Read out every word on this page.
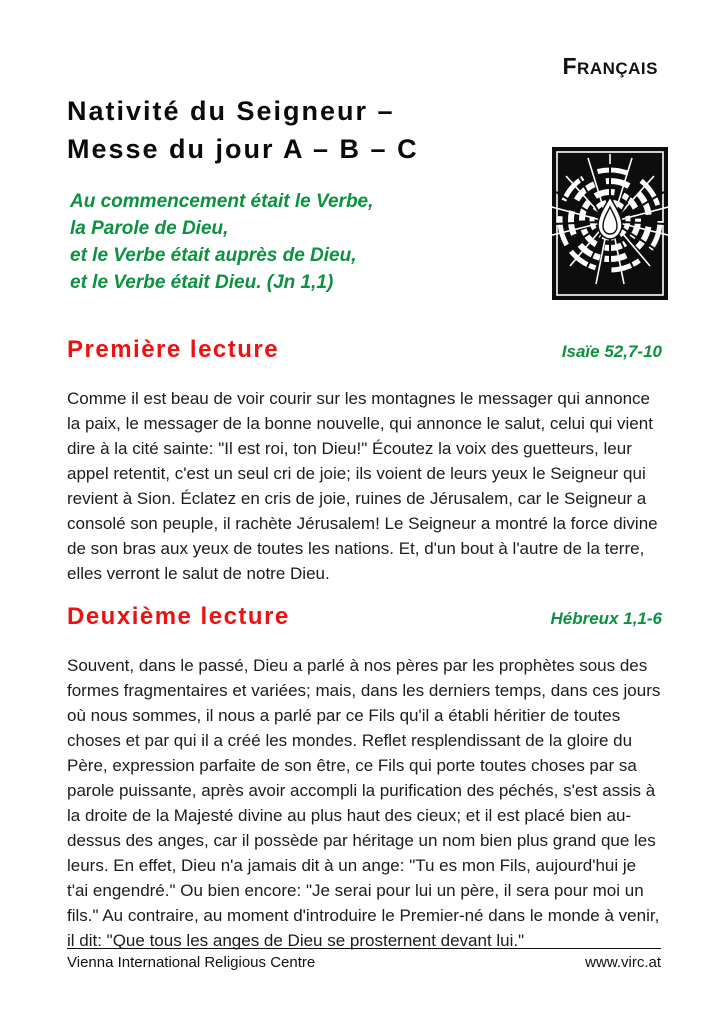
FRANÇAIS
Nativité du Seigneur –
Messe du jour A – B – C
Au commencement était le Verbe,
la Parole de Dieu,
et le Verbe était auprès de Dieu,
et le Verbe était Dieu. (Jn 1,1)
Première lecture	Isaïe 52,7-10

Comme il est beau de voir courir sur les montagnes le messager qui annonce la paix, le messager de la bonne nouvelle, qui annonce le salut, celui qui vient dire à la cité sainte: "Il est roi, ton Dieu!" Écoutez la voix des guetteurs, leur appel retentit, c'est un seul cri de joie; ils voient de leurs yeux le Seigneur qui revient à Sion. Éclatez en cris de joie, ruines de Jérusalem, car le Seigneur a consolé son peuple, il rachète Jérusalem! Le Seigneur a montré la force divine de son bras aux yeux de toutes les nations. Et, d'un bout à l'autre de la terre, elles verront le salut de notre Dieu.

Deuxième lecture	Hébreux 1,1-6

Souvent, dans le passé, Dieu a parlé à nos pères par les prophètes sous des formes fragmentaires et variées; mais, dans les derniers temps, dans ces jours où nous sommes, il nous a parlé par ce Fils qu'il a établi héritier de toutes choses et par qui il a créé les mondes. Reflet resplendissant de la gloire du Père, expression parfaite de son être, ce Fils qui porte toutes choses par sa parole puissante, après avoir accompli la purification des péchés, s'est assis à la droite de la Majesté divine au plus haut des cieux; et il est placé bien au-dessus des anges, car il possède par héritage un nom bien plus grand que les leurs. En effet, Dieu n'a jamais dit à un ange: "Tu es mon Fils, aujourd'hui je t'ai engendré." Ou bien encore: "Je serai pour lui un père, il sera pour moi un fils." Au contraire, au moment d'introduire le Premier-né dans le monde à venir, il dit: "Que tous les anges de Dieu se prosternent devant lui."

Vienna International Religious Centre	www.virc.at
